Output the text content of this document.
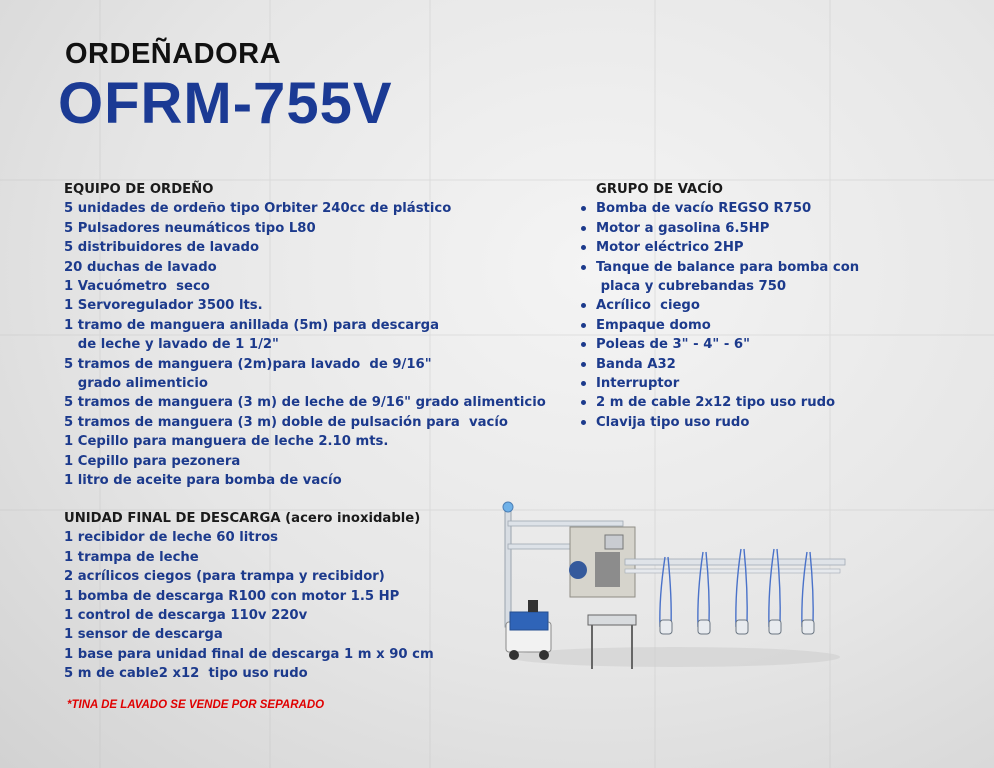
ORDEÑADORA
OFRM-755V
EQUIPO DE ORDEÑO
5 unidades de ordeño tipo Orbiter 240cc de plástico
5 Pulsadores neumáticos tipo L80
5 distribuidores de lavado
20 duchas de lavado
1 Vacuómetro  seco
1 Servoregulador 3500 lts.
1 tramo de manguera anillada (5m) para descarga
de leche y lavado de 1 1/2"
5 tramos de manguera (2m)para lavado  de 9/16"
grado alimenticio
5 tramos de manguera (3 m) de leche de 9/16" grado alimenticio
5 tramos de manguera (3 m) doble de pulsación para  vacío
1 Cepillo para manguera de leche 2.10 mts.
1 Cepillo para pezonera
1 litro de aceite para bomba de vacío
UNIDAD FINAL DE DESCARGA (acero inoxidable)
1 recibidor de leche 60 litros
1 trampa de leche
2 acrílicos ciegos (para trampa y recibidor)
1 bomba de descarga R100 con motor 1.5 HP
1 control de descarga 110v 220v
1 sensor de descarga
1 base para unidad final de descarga 1 m x 90 cm
5 m de cable2 x12  tipo uso rudo
GRUPO DE VACÍO
Bomba de vacío REGSO R750
Motor a gasolina 6.5HP
Motor eléctrico 2HP
Tanque de balance para bomba con
placa y cubrebandas 750
Acrílico  ciego
Empaque domo
Poleas de 3" - 4" - 6"
Banda A32
Interruptor
2 m de cable 2x12 tipo uso rudo
Clavija tipo uso rudo

*TINA DE LAVADO SE VENDE POR SEPARADO
